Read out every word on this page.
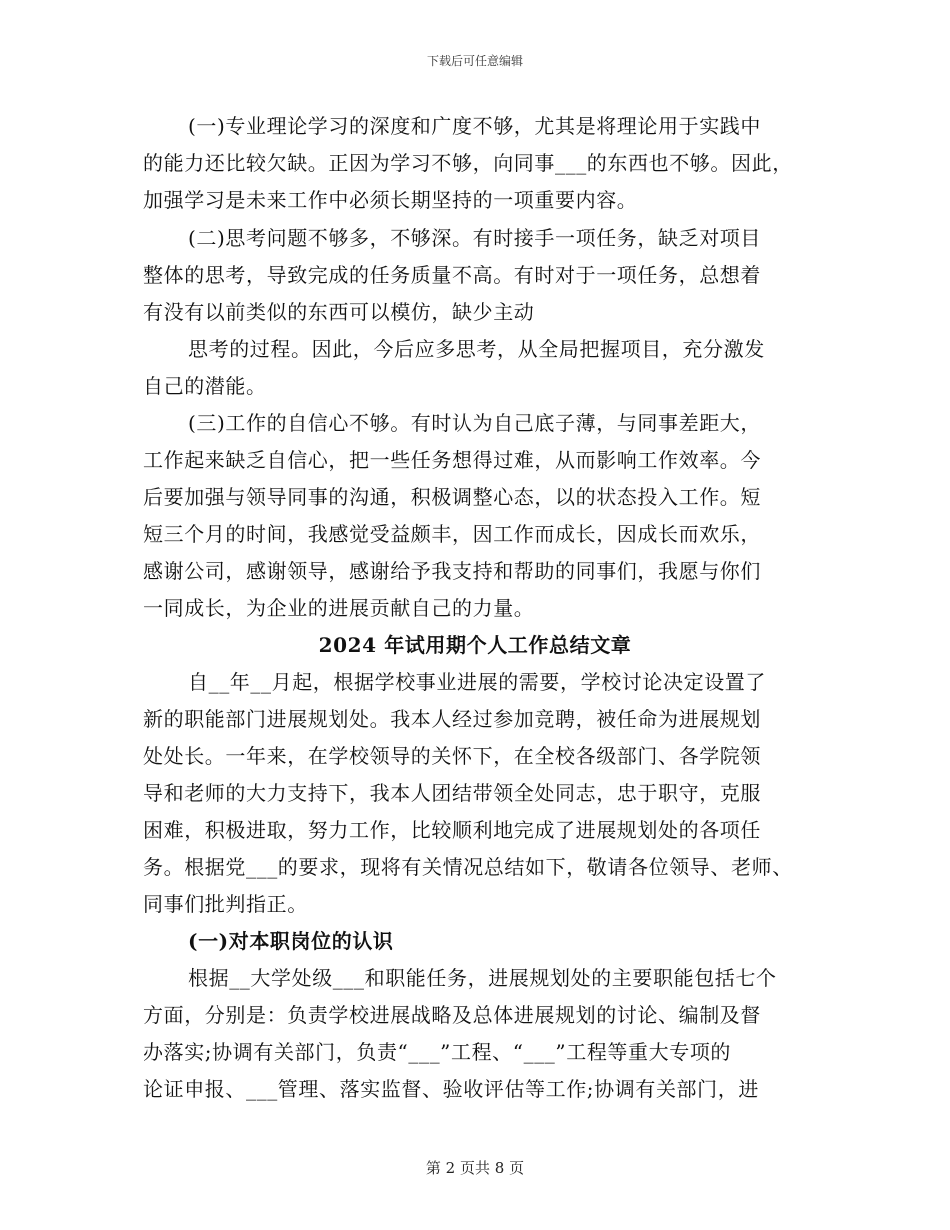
下载后可任意编辑
(一)专业理论学习的深度和广度不够，尤其是将理论用于实践中
的能力还比较欠缺。正因为学习不够，向同事___的东西也不够。因此，
加强学习是未来工作中必须长期坚持的一项重要内容。
(二)思考问题不够多，不够深。有时接手一项任务，缺乏对项目
整体的思考，导致完成的任务质量不高。有时对于一项任务，总想着
有没有以前类似的东西可以模仿，缺少主动
思考的过程。因此，今后应多思考，从全局把握项目，充分激发
自己的潜能。
(三)工作的自信心不够。有时认为自己底子薄，与同事差距大，
工作起来缺乏自信心，把一些任务想得过难，从而影响工作效率。今
后要加强与领导同事的沟通，积极调整心态，以的状态投入工作。短
短三个月的时间，我感觉受益颇丰，因工作而成长，因成长而欢乐，
感谢公司，感谢领导，感谢给予我支持和帮助的同事们，我愿与你们
一同成长，为企业的进展贡献自己的力量。
2024 年试用期个人工作总结文章
自__年__月起，根据学校事业进展的需要，学校讨论决定设置了
新的职能部门进展规划处。我本人经过参加竞聘，被任命为进展规划
处处长。一年来，在学校领导的关怀下，在全校各级部门、各学院领
导和老师的大力支持下，我本人团结带领全处同志，忠于职守，克服
困难，积极进取，努力工作，比较顺利地完成了进展规划处的各项任
务。根据党___的要求，现将有关情况总结如下，敬请各位领导、老师、
同事们批判指正。
(一)对本职岗位的认识
根据__大学处级___和职能任务，进展规划处的主要职能包括七个
方面，分别是：负责学校进展战略及总体进展规划的讨论、编制及督
办落实;协调有关部门，负责“___”工程、“___”工程等重大专项的
论证申报、___管理、落实监督、验收评估等工作;协调有关部门，进
第 2 页共 8 页
